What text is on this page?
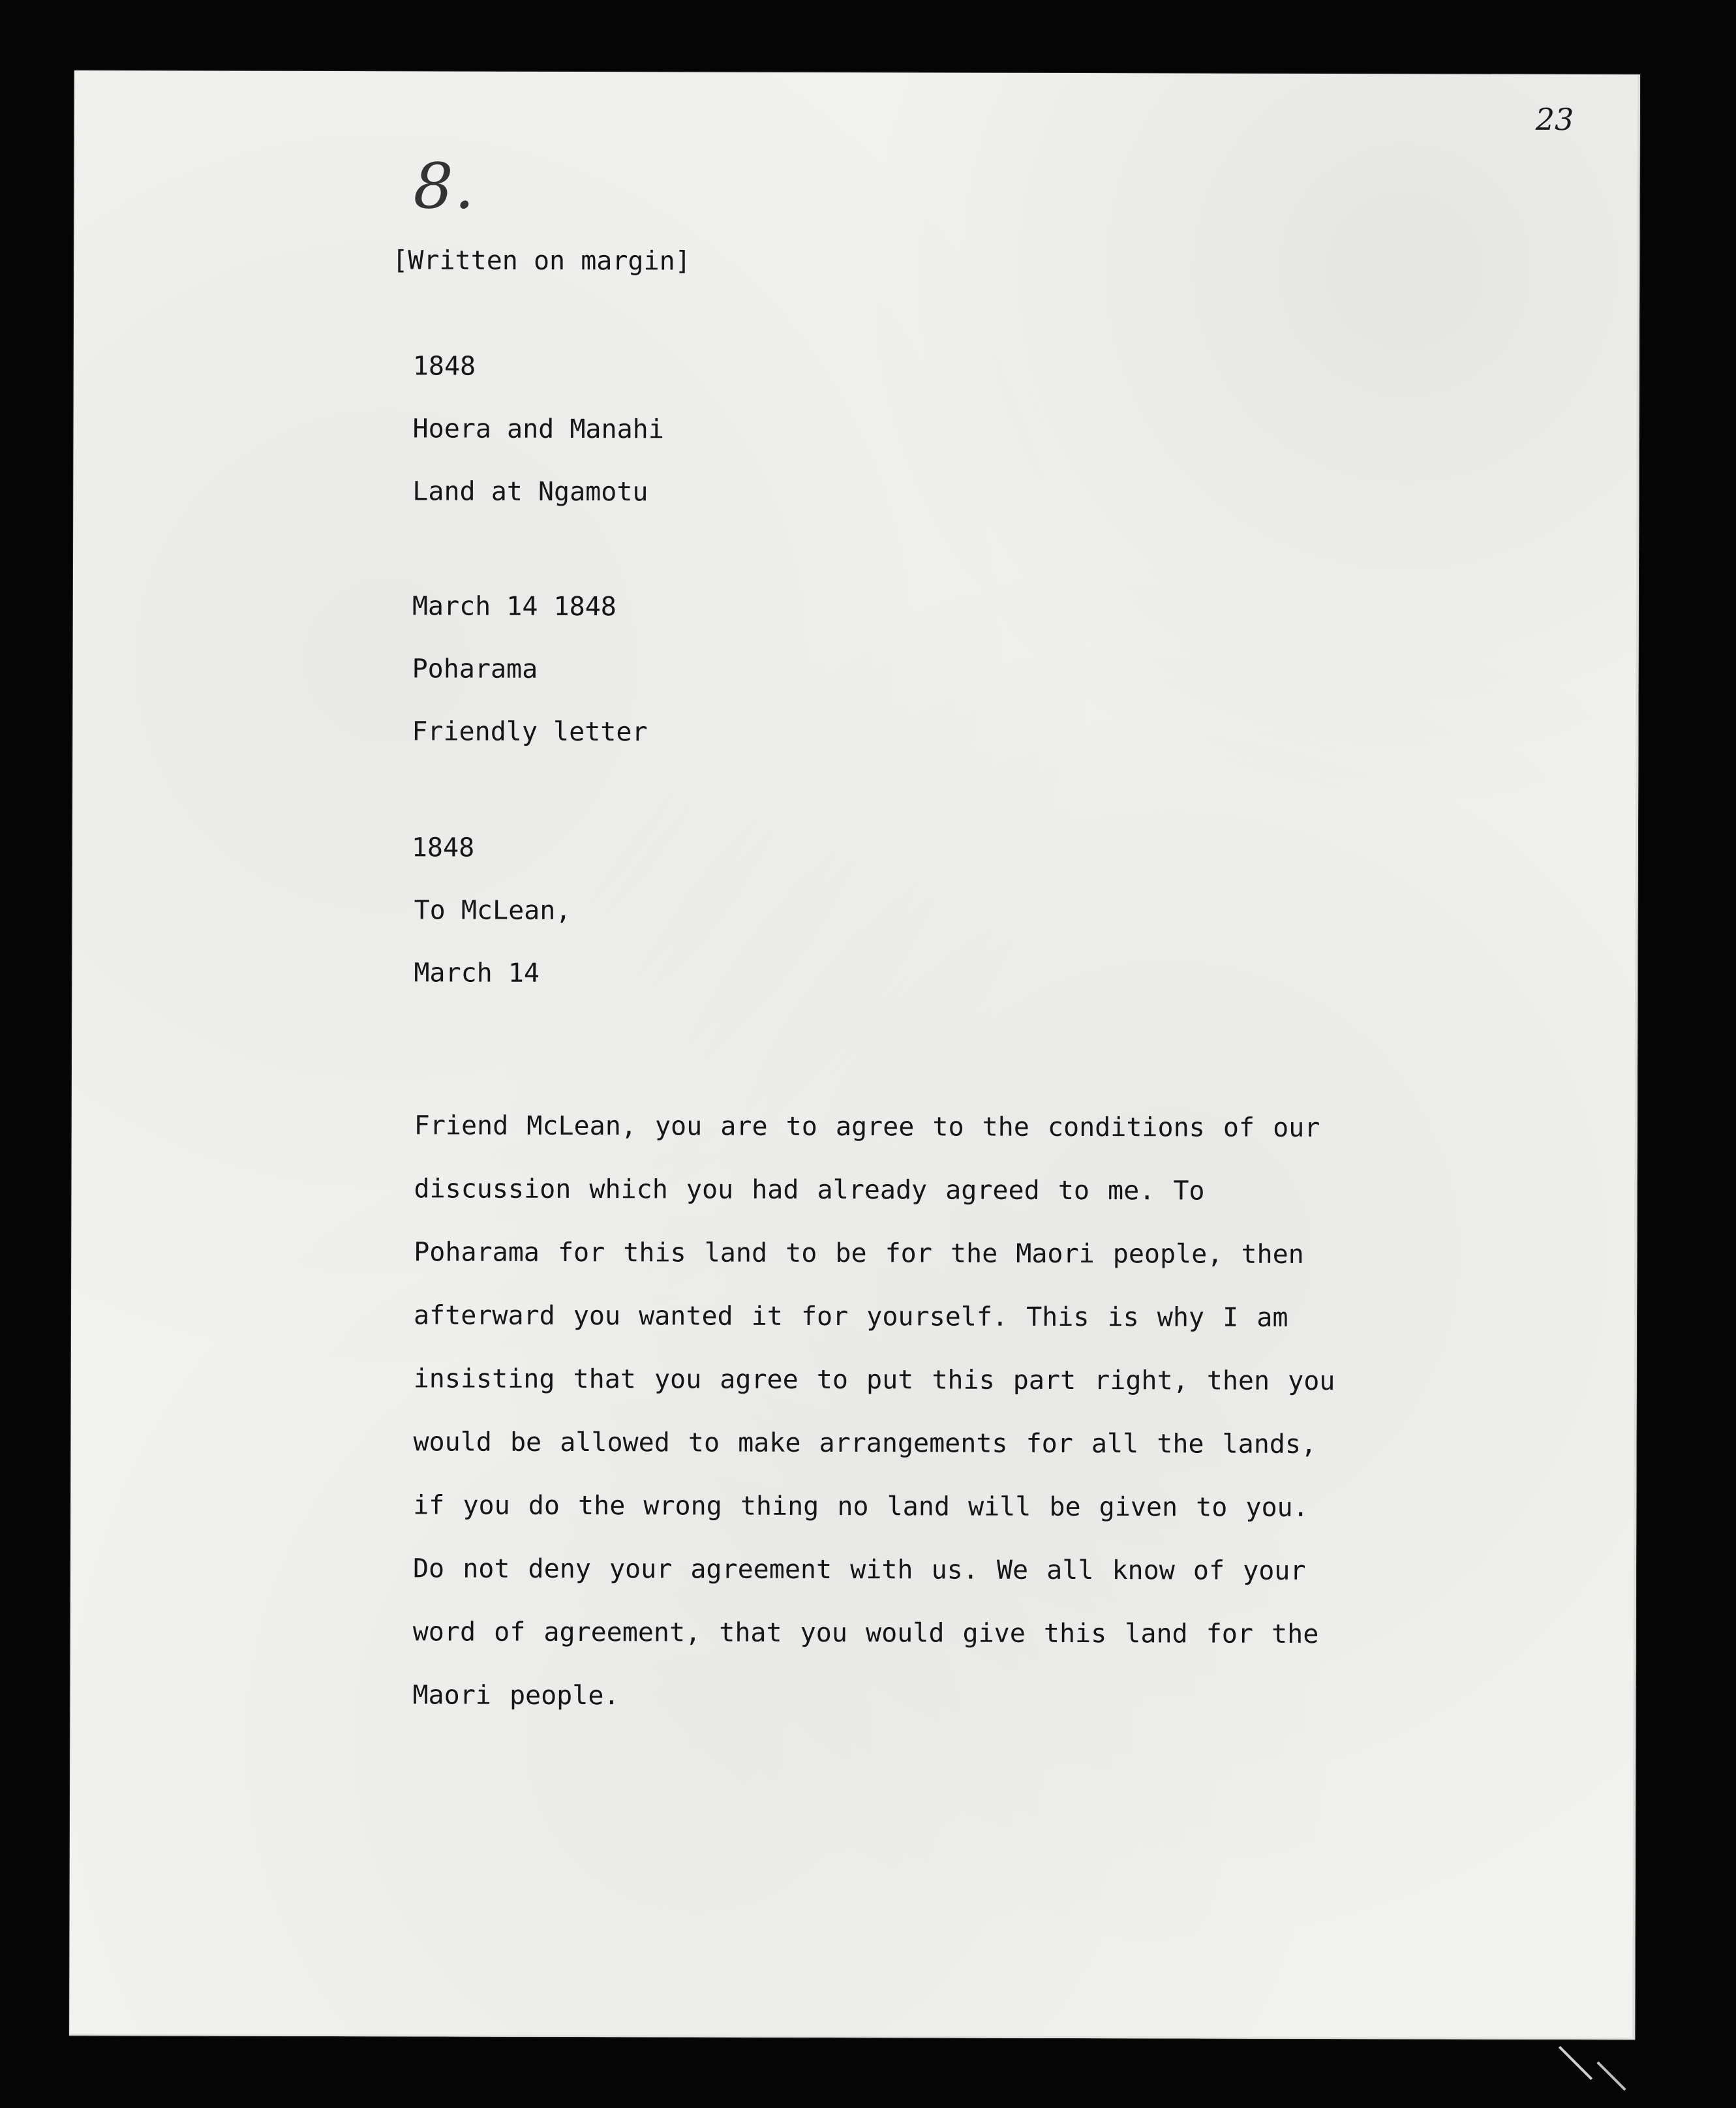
23
8.
[Written on margin]
1848
Hoera and Manahi
Land at Ngamotu
March 14 1848
Poharama
Friendly letter
1848
To McLean,
March 14
Friend McLean, you are to agree to the conditions of our
discussion which you had already agreed to me. To
Poharama for this land to be for the Maori people, then
afterward you wanted it for yourself. This is why I am
insisting that you agree to put this part right, then you
would be allowed to make arrangements for all the lands,
if you do the wrong thing no land will be given to you.
Do not deny your agreement with us. We all know of your
word of agreement, that you would give this land for the
Maori people.
